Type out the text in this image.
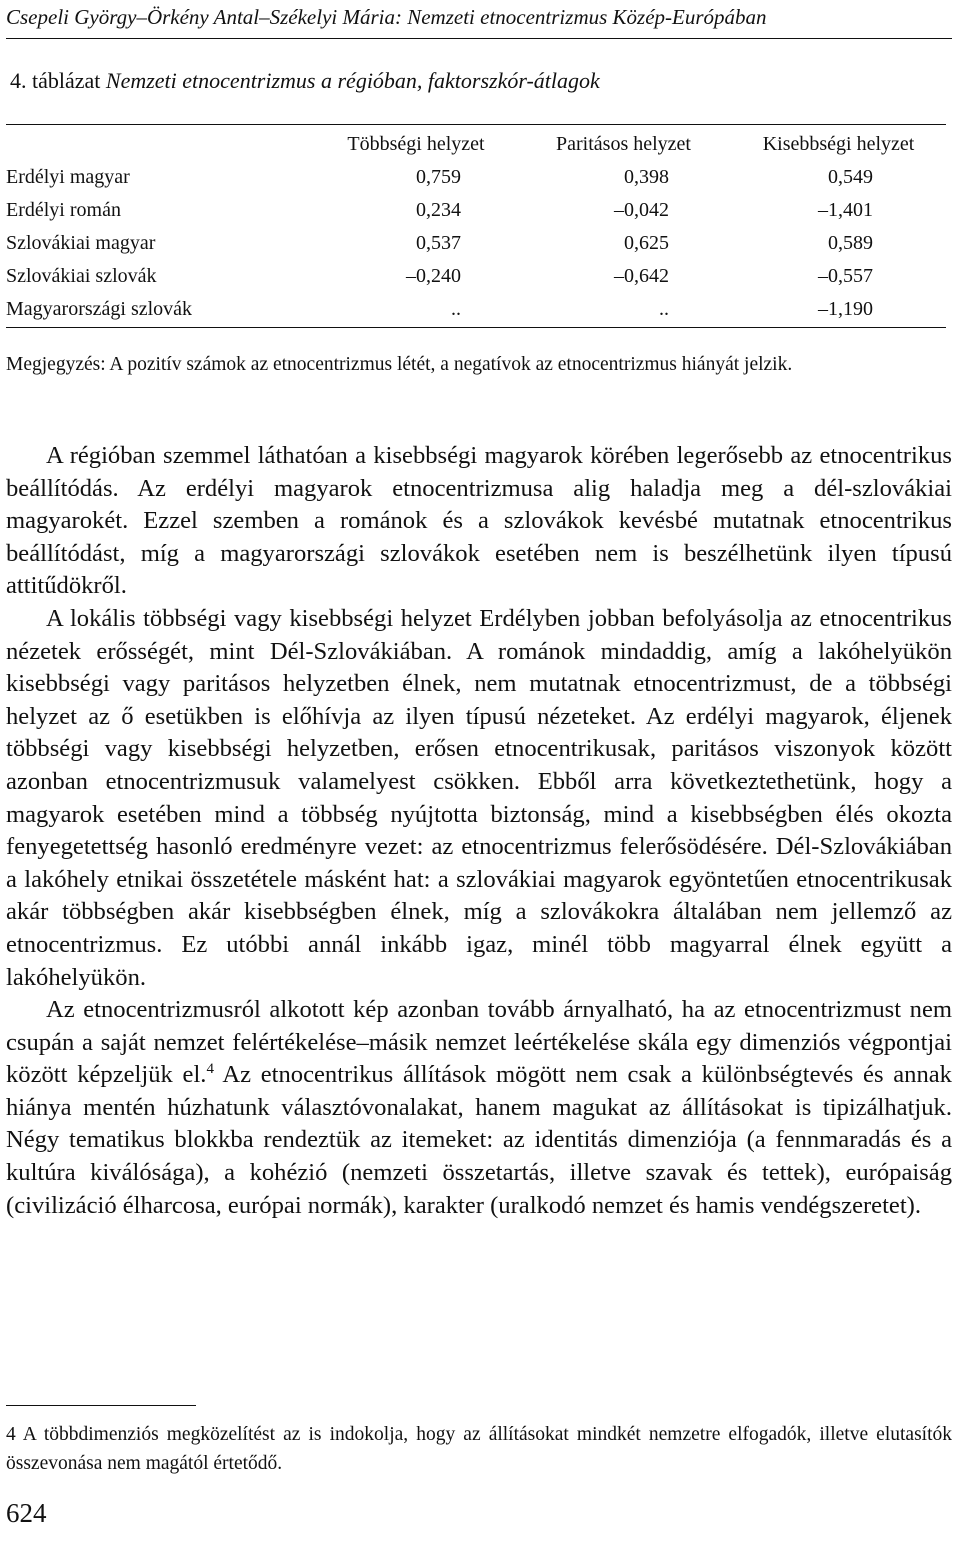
Csepeli György–Örkény Antal–Székelyi Mária: Nemzeti etnocentrizmus Közép-Európában
4. táblázat Nemzeti etnocentrizmus a régióban, faktorszkór-átlagok
	Többségi helyzet	Paritásos helyzet	Kisebbségi helyzet
Erdélyi magyar	0,759	0,398	0,549
Erdélyi román	0,234	–0,042	–1,401
Szlovákiai magyar	0,537	0,625	0,589
Szlovákiai szlovák	–0,240	–0,642	–0,557
Magyarországi szlovák	..	..	–1,190
Megjegyzés: A pozitív számok az etnocentrizmus létét, a negatívok az etnocentrizmus hiányát jelzik.

A régióban szemmel láthatóan a kisebbségi magyarok körében legerősebb az etnocentrikus beállítódás. Az erdélyi magyarok etnocentrizmusa alig haladja meg a dél-szlovákiai magyarokét. Ezzel szemben a románok és a szlovákok kevésbé mutatnak etnocentrikus beállítódást, míg a magyarországi szlovákok esetében nem is beszélhetünk ilyen típusú attitűdökről.

A lokális többségi vagy kisebbségi helyzet Erdélyben jobban befolyásolja az etnocentrikus nézetek erősségét, mint Dél-Szlovákiában. A románok mindaddig, amíg a lakóhelyükön kisebbségi vagy paritásos helyzetben élnek, nem mutatnak etnocentrizmust, de a többségi helyzet az ő esetükben is előhívja az ilyen típusú nézeteket. Az erdélyi magyarok, éljenek többségi vagy kisebbségi helyzetben, erősen etnocentrikusak, paritásos viszonyok között azonban etnocentrizmusuk valamelyest csökken. Ebből arra következtethetünk, hogy a magyarok esetében mind a többség nyújtotta biztonság, mind a kisebbségben élés okozta fenyegetettség hasonló eredményre vezet: az etnocentrizmus felerősödésére. Dél-Szlovákiában a lakóhely etnikai összetétele másként hat: a szlovákiai magyarok egyöntetűen etnocentrikusak akár többségben akár kisebbségben élnek, míg a szlovákokra általában nem jellemző az etnocentrizmus. Ez utóbbi annál inkább igaz, minél több magyarral élnek együtt a lakóhelyükön.

Az etnocentrizmusról alkotott kép azonban tovább árnyalható, ha az etnocentrizmust nem csupán a saját nemzet felértékelése–másik nemzet leértékelése skála egy dimenziós végpontjai között képzeljük el.$^4$ Az etnocentrikus állítások mögött nem csak a különbségtevés és annak hiánya mentén húzhatunk választóvonalakat, hanem magukat az állításokat is tipizálhatjuk. Négy tematikus blokkba rendeztük az itemeket: az identitás dimenziója (a fennmaradás és a kultúra kiválósága), a kohézió (nemzeti összetartás, illetve szavak és tettek), európaiság (civilizáció élharcosa, európai normák), karakter (uralkodó nemzet és hamis vendégszeretet).

4 A többdimenziós megközelítést az is indokolja, hogy az állításokat mindkét nemzetre elfogadók, illetve elutasítók összevonása nem magától értetődő.
624
